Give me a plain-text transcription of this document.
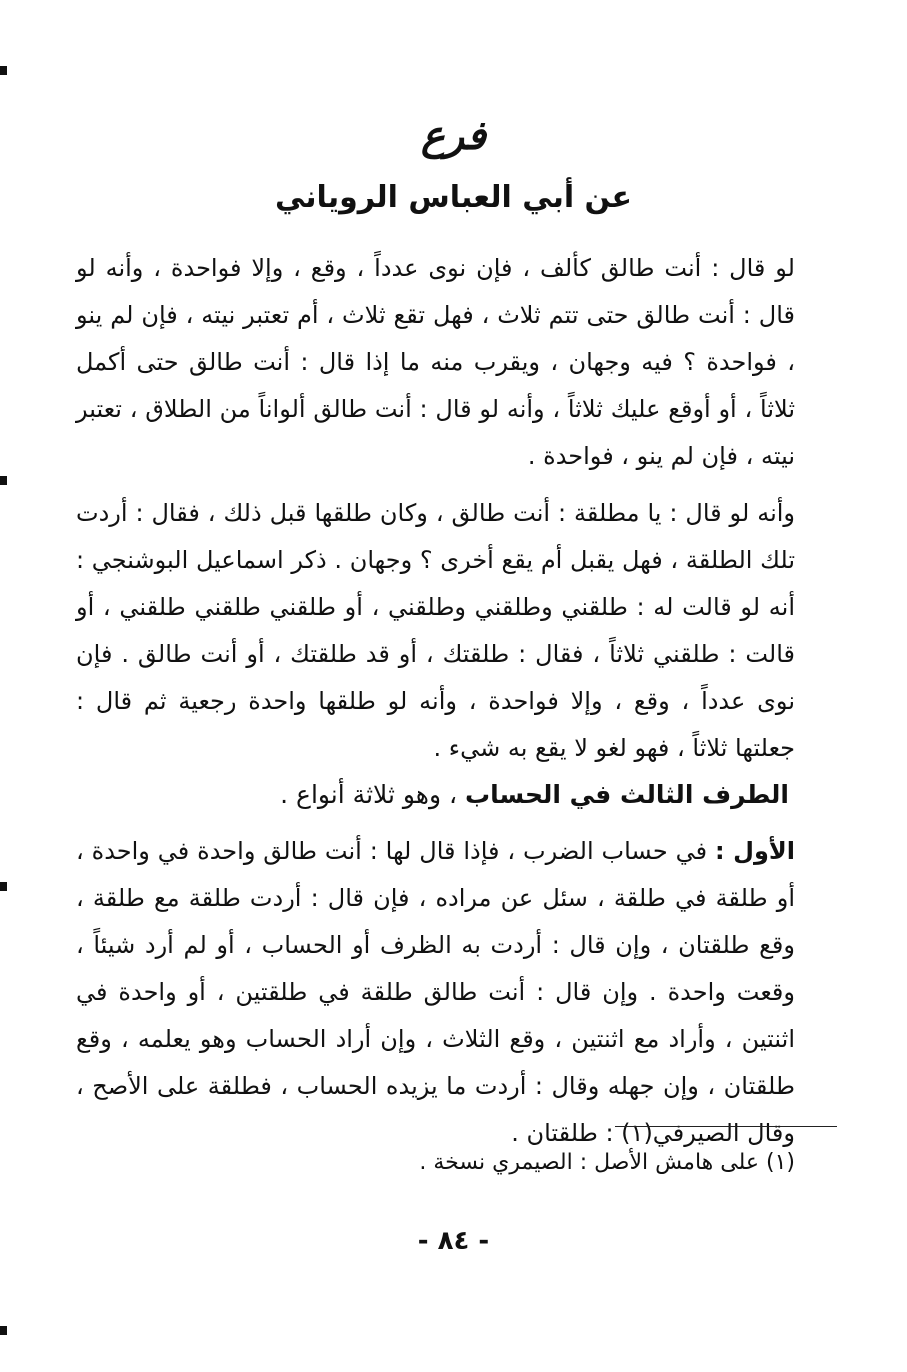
فرع
عن أبي العباس الروياني

لو قال : أنت طالق كألف ، فإن نوى عدداً ، وقع ، وإلا فواحدة ، وأنه لو قال : أنت طالق حتى تتم ثلاث ، فهل تقع ثلاث ، أم تعتبر نيته ، فإن لم ينو ، فواحدة ؟ فيه وجهان ، ويقرب منه ما إذا قال : أنت طالق حتى أكمل ثلاثاً ، أو أوقع عليك ثلاثاً ، وأنه لو قال : أنت طالق ألواناً من الطلاق ، تعتبر نيته ، فإن لم ينو ، فواحدة .

وأنه لو قال : يا مطلقة : أنت طالق ، وكان طلقها قبل ذلك ، فقال : أردت تلك الطلقة ، فهل يقبل أم يقع أخرى ؟ وجهان . ذكر اسماعيل البوشنجي : أنه لو قالت له : طلقني وطلقني وطلقني ، أو طلقني طلقني طلقني ، أو قالت : طلقني ثلاثاً ، فقال : طلقتك ، أو قد طلقتك ، أو أنت طالق . فإن نوى عدداً ، وقع ، وإلا فواحدة ، وأنه لو طلقها واحدة رجعية ثم قال : جعلتها ثلاثاً ، فهو لغو لا يقع به شيء .

الطرف الثالث في الحساب ، وهو ثلاثة أنواع .

الأول : في حساب الضرب ، فإذا قال لها : أنت طالق واحدة في واحدة ، أو طلقة في طلقة ، سئل عن مراده ، فإن قال : أردت طلقة مع طلقة ، وقع طلقتان ، وإن قال : أردت به الظرف أو الحساب ، أو لم أرد شيئاً ، وقعت واحدة . وإن قال : أنت طالق طلقة في طلقتين ، أو واحدة في اثنتين ، وأراد مع اثنتين ، وقع الثلاث ، وإن أراد الحساب وهو يعلمه ، وقع طلقتان ، وإن جهله وقال : أردت ما يزيده الحساب ، فطلقة على الأصح ، وقال الصيرفي(١) : طلقتان .

(١) على هامش الأصل : الصيمري نسخة .
- ٨٤ -
